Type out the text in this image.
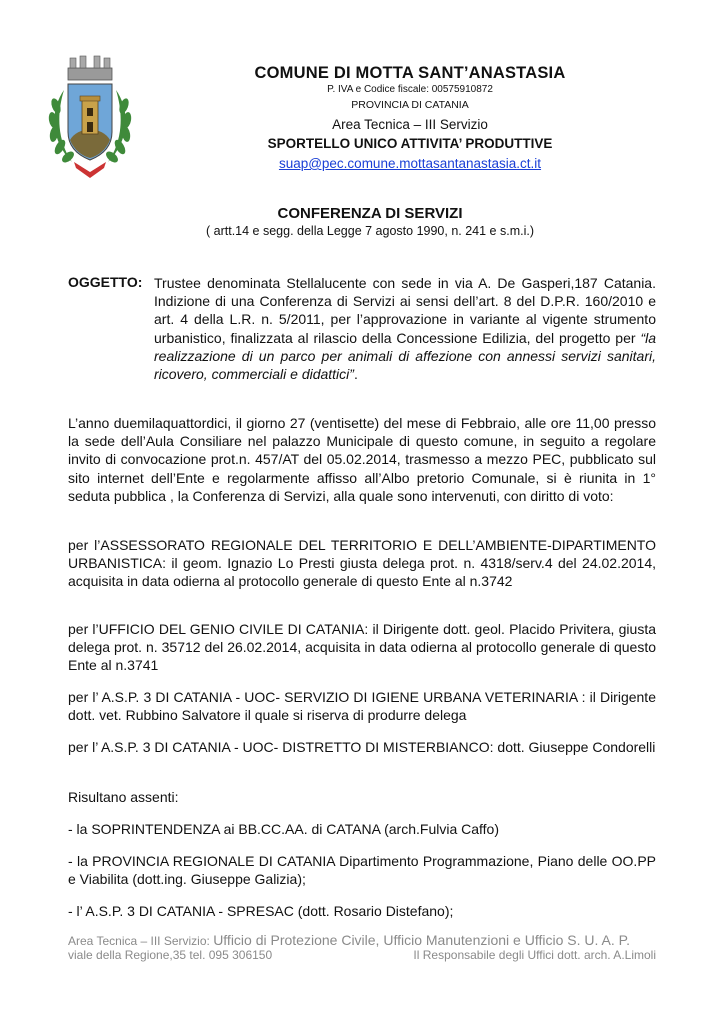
COMUNE DI MOTTA SANT’ANASTASIA
P. IVA e Codice fiscale: 00575910872
PROVINCIA DI CATANIA
Area Tecnica – III Servizio
SPORTELLO UNICO ATTIVITA’ PRODUTTIVE
suap@pec.comune.mottasantanastasia.ct.it
CONFERENZA DI SERVIZI
( artt.14 e segg. della Legge 7 agosto 1990, n. 241 e s.m.i.)
OGGETTO: Trustee denominata Stellalucente con sede in via A. De Gasperi,187 Catania. Indizione di una Conferenza di Servizi ai sensi dell’art. 8 del D.P.R. 160/2010 e art. 4 della L.R. n. 5/2011, per l’approvazione in variante al vigente strumento urbanistico, finalizzata al rilascio della Concessione Edilizia, del progetto per “la realizzazione di un parco per animali di affezione con annessi servizi sanitari, ricovero, commerciali e didattici”.
L’anno duemilaquattordici, il giorno 27 (ventisette) del mese di Febbraio, alle ore 11,00 presso la sede dell’Aula Consiliare nel palazzo Municipale di questo comune, in seguito a regolare invito di convocazione prot.n. 457/AT del 05.02.2014, trasmesso a mezzo PEC, pubblicato sul sito internet dell’Ente e regolarmente affisso all’Albo pretorio Comunale, si è riunita in 1° seduta pubblica , la Conferenza di Servizi, alla quale sono intervenuti, con diritto di voto:
per l’ASSESSORATO REGIONALE DEL TERRITORIO E DELL’AMBIENTE-DIPARTIMENTO URBANISTICA: il geom. Ignazio Lo Presti giusta delega prot. n. 4318/serv.4 del 24.02.2014, acquisita in data odierna al protocollo generale di questo Ente al n.3742
per l’UFFICIO DEL GENIO CIVILE DI CATANIA: il Dirigente dott. geol. Placido Privitera, giusta delega prot. n. 35712 del 26.02.2014, acquisita in data odierna al protocollo generale di questo Ente al n.3741
per l’ A.S.P. 3 DI CATANIA - UOC- SERVIZIO DI IGIENE URBANA VETERINARIA : il Dirigente dott. vet. Rubbino Salvatore il quale si riserva di produrre delega
per l’ A.S.P. 3 DI CATANIA - UOC- DISTRETTO DI MISTERBIANCO: dott. Giuseppe Condorelli
Risultano assenti:
- la SOPRINTENDENZA ai BB.CC.AA. di CATANA (arch.Fulvia Caffo)
- la PROVINCIA REGIONALE DI CATANIA Dipartimento Programmazione, Piano delle OO.PP e Viabilita (dott.ing. Giuseppe Galizia);
- l’ A.S.P. 3 DI CATANIA - SPRESAC (dott. Rosario Distefano);
Area Tecnica – III Servizio: Ufficio di Protezione Civile, Ufficio Manutenzioni e Ufficio S. U. A. P.
viale della Regione,35 tel. 095 306150	Il Responsabile degli Uffici dott. arch. A.Limoli
